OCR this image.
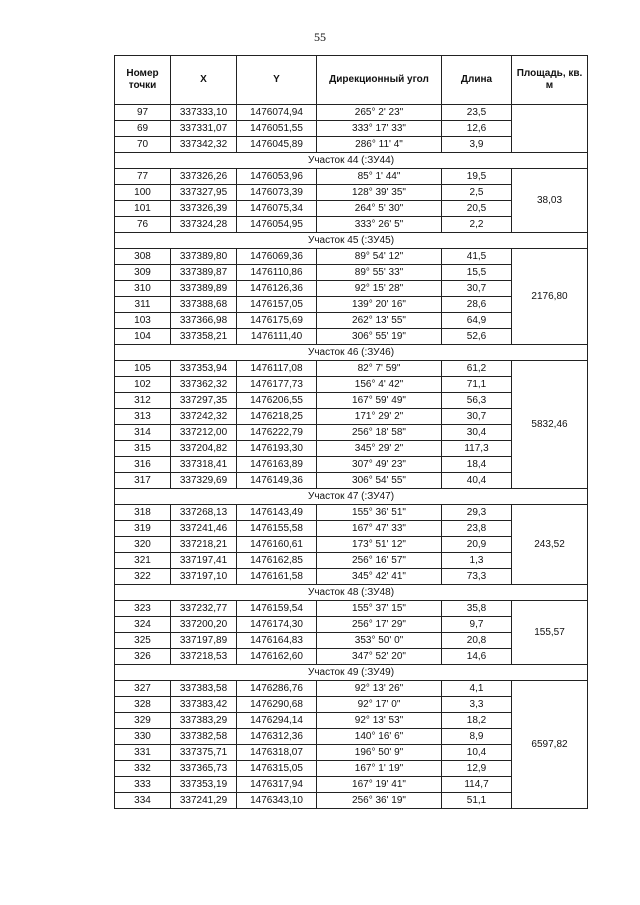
55
Номер точки	X	Y	Дирекционный угол	Длина	Площадь, кв. м
97	337333,10	1476074,94	265° 2' 23"	23,5	
69	337331,07	1476051,55	333° 17' 33"	12,6	
70	337342,32	1476045,89	286° 11' 4"	3,9	
Участок 44 (:ЗУ44)					
77	337326,26	1476053,96	85° 1' 44"	19,5	38,03
100	337327,95	1476073,39	128° 39' 35"	2,5	
101	337326,39	1476075,34	264° 5' 30"	20,5	
76	337324,28	1476054,95	333° 26' 5"	2,2	
Участок 45 (:ЗУ45)					
308	337389,80	1476069,36	89° 54' 12"	41,5	2176,80
309	337389,87	1476110,86	89° 55' 33"	15,5	
310	337389,89	1476126,36	92° 15' 28"	30,7	
311	337388,68	1476157,05	139° 20' 16"	28,6	
103	337366,98	1476175,69	262° 13' 55"	64,9	
104	337358,21	1476111,40	306° 55' 19"	52,6	
Участок 46 (:ЗУ46)					
105	337353,94	1476117,08	82° 7' 59"	61,2	5832,46
102	337362,32	1476177,73	156° 4' 42"	71,1	
312	337297,35	1476206,55	167° 59' 49"	56,3	
313	337242,32	1476218,25	171° 29' 2"	30,7	
314	337212,00	1476222,79	256° 18' 58"	30,4	
315	337204,82	1476193,30	345° 29' 2"	117,3	
316	337318,41	1476163,89	307° 49' 23"	18,4	
317	337329,69	1476149,36	306° 54' 55"	40,4	
Участок 47 (:ЗУ47)					
318	337268,13	1476143,49	155° 36' 51"	29,3	243,52
319	337241,46	1476155,58	167° 47' 33"	23,8	
320	337218,21	1476160,61	173° 51' 12"	20,9	
321	337197,41	1476162,85	256° 16' 57"	1,3	
322	337197,10	1476161,58	345° 42' 41"	73,3	
Участок 48 (:ЗУ48)					
323	337232,77	1476159,54	155° 37' 15"	35,8	155,57
324	337200,20	1476174,30	256° 17' 29"	9,7	
325	337197,89	1476164,83	353° 50' 0"	20,8	
326	337218,53	1476162,60	347° 52' 20"	14,6	
Участок 49 (:ЗУ49)					
327	337383,58	1476286,76	92° 13' 26"	4,1	6597,82
328	337383,42	1476290,68	92° 17' 0"	3,3	
329	337383,29	1476294,14	92° 13' 53"	18,2	
330	337382,58	1476312,36	140° 16' 6"	8,9	
331	337375,71	1476318,07	196° 50' 9"	10,4	
332	337365,73	1476315,05	167° 1' 19"	12,9	
333	337353,19	1476317,94	167° 19' 41"	114,7	
334	337241,29	1476343,10	256° 36' 19"	51,1	
